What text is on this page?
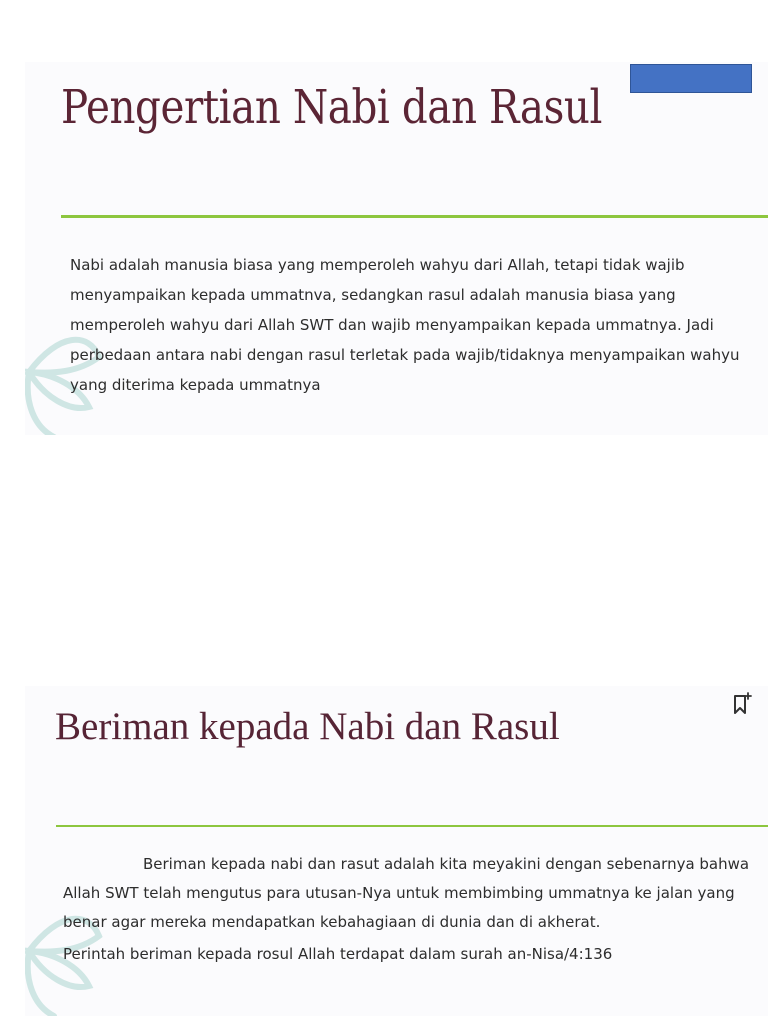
Pengertian Nabi dan Rasul

Nabi adalah manusia biasa yang memperoleh wahyu dari Allah, tetapi tidak wajib menyampaikan kepada ummatnva, sedangkan rasul adalah manusia biasa yang memperoleh wahyu dari Allah SWT dan wajib menyampaikan kepada ummatnya. Jadi perbedaan antara nabi dengan rasul terletak pada wajib/tidaknya menyampaikan wahyu yang diterima kepada ummatnya

Beriman kepada Nabi dan Rasul

Beriman kepada nabi dan rasut adalah kita meyakini dengan sebenarnya bahwa Allah SWT telah mengutus para utusan-Nya untuk membimbing ummatnya ke jalan yang benar agar mereka mendapatkan kebahagiaan di dunia dan di akherat.

Perintah beriman kepada rosul Allah terdapat dalam surah an-Nisa/4:136
